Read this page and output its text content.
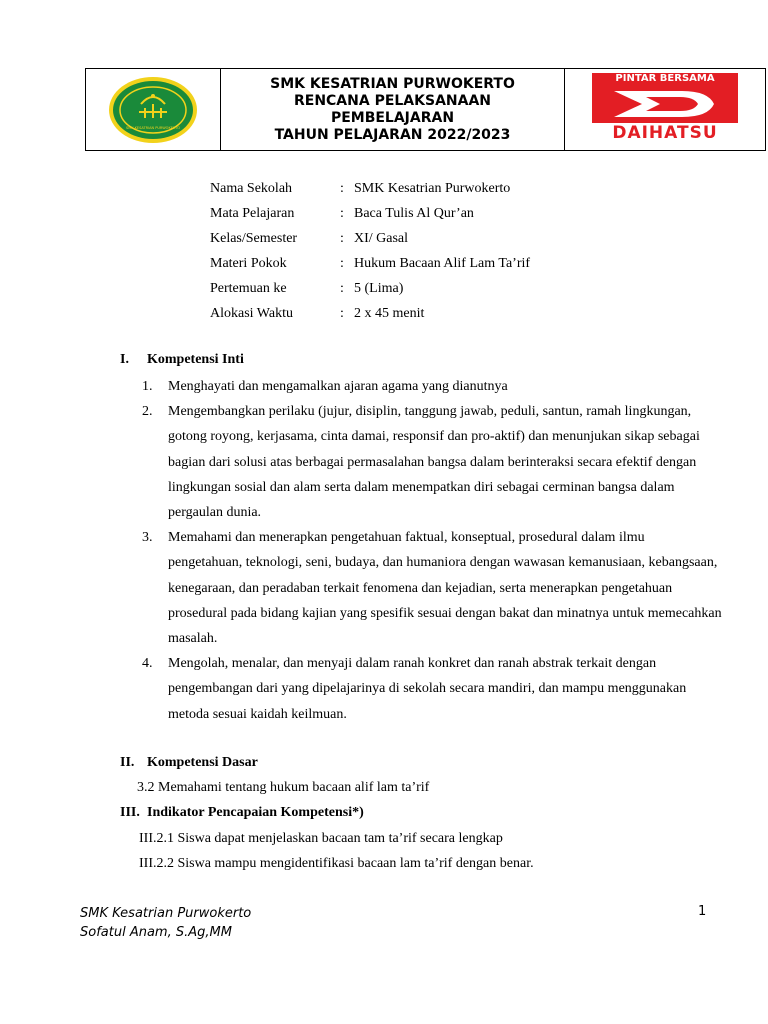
SMK KESATRIAN PURWOKERTO
SMK KESATRIAN PURWOKERTO
RENCANA PELAKSANAAN
PEMBELAJARAN
TAHUN PELAJARAN 2022/2023
PINTAR BERSAMA
DAIHATSU
Nama Sekolah	: SMK Kesatrian Purwokerto
Mata Pelajaran	: Baca Tulis Al Qur’an
Kelas/Semester	: XI/ Gasal
Materi Pokok	: Hukum Bacaan Alif Lam Ta’rif
Pertemuan ke	: 5 (Lima)
Alokasi Waktu	: 2 x 45 menit
I. Kompetensi Inti
1.	Menghayati dan mengamalkan ajaran agama yang dianutnya
2.	Mengembangkan perilaku (jujur, disiplin, tanggung jawab, peduli, santun, ramah lingkungan, gotong royong, kerjasama, cinta damai, responsif dan pro-aktif) dan menunjukan sikap sebagai bagian dari solusi atas berbagai permasalahan bangsa dalam berinteraksi secara efektif dengan lingkungan sosial dan alam serta dalam menempatkan diri sebagai cerminan bangsa dalam pergaulan dunia.
3.	Memahami dan menerapkan pengetahuan faktual, konseptual, prosedural dalam ilmu pengetahuan, teknologi, seni, budaya, dan humaniora dengan wawasan kemanusiaan, kebangsaan, kenegaraan, dan peradaban terkait fenomena dan kejadian, serta menerapkan pengetahuan prosedural pada bidang kajian yang spesifik sesuai dengan bakat dan minatnya untuk memecahkan masalah.
4.	Mengolah, menalar, dan menyaji dalam ranah konkret dan ranah abstrak terkait dengan pengembangan dari yang dipelajarinya di sekolah secara mandiri, dan mampu menggunakan metoda sesuai kaidah keilmuan.
II. Kompetensi Dasar
3.2 Memahami tentang hukum bacaan alif lam ta’rif
III. Indikator Pencapaian Kompetensi*)
III.2.1 Siswa dapat menjelaskan bacaan tam ta’rif secara lengkap
III.2.2 Siswa mampu mengidentifikasi bacaan lam ta’rif dengan benar.
SMK Kesatrian Purwokerto
Sofatul Anam, S.Ag,MM
1
